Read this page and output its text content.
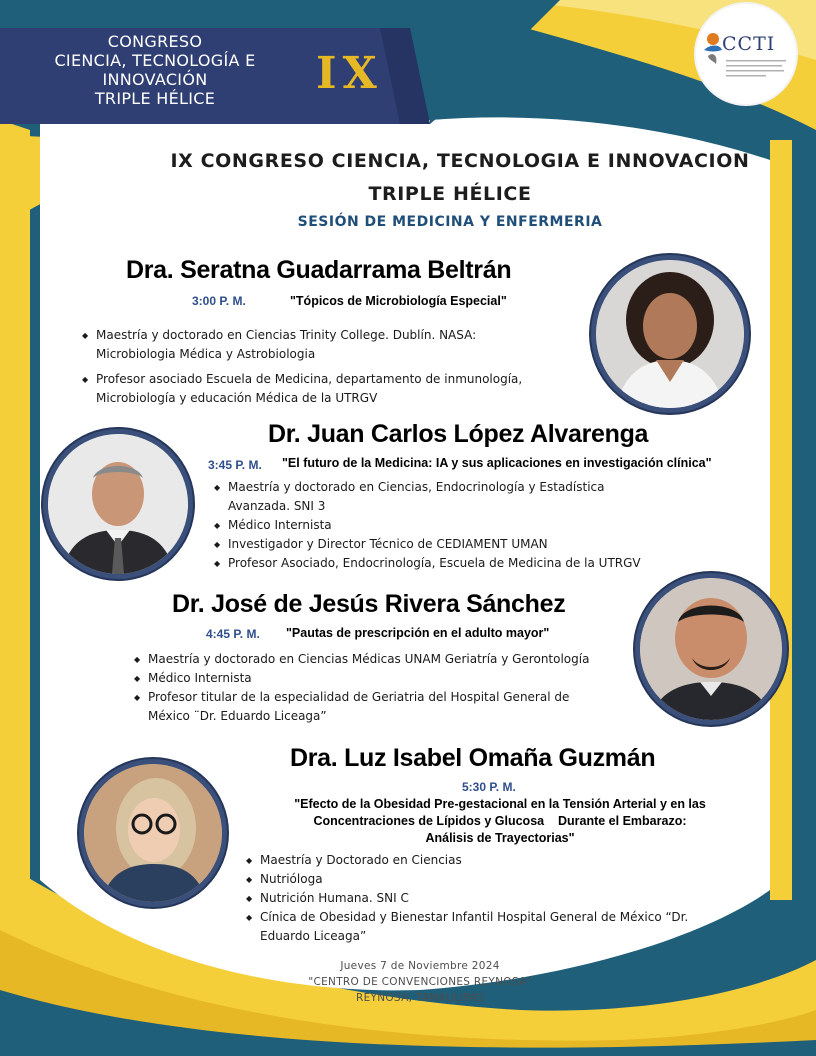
CONGRESO
CIENCIA, TECNOLOGÍA E
INNOVACIÓN
TRIPLE HÉLICE	IX
CCTI
IX CONGRESO CIENCIA, TECNOLOGIA E INNOVACION
TRIPLE HÉLICE
SESIÓN DE MEDICINA Y ENFERMERIA
Dra. Seratna Guadarrama Beltrán
3:00 P. M.	"Tópicos de Microbiología Especial"
◆ Maestría y doctorado en Ciencias Trinity College. Dublín. NASA:
Microbiologia Médica y Astrobiologia
◆ Profesor asociado Escuela de Medicina, departamento de inmunología,
Microbiología y educación Médica de la UTRGV
Dr. Juan Carlos López Alvarenga
3:45 P. M. "El futuro de la Medicina: IA y sus aplicaciones en investigación clínica"
◆ Maestría y doctorado en Ciencias, Endocrinología y Estadística
Avanzada. SNI 3
◆ Médico Internista
◆ Investigador y Director Técnico de CEDIAMENT UMAN
◆ Profesor Asociado, Endocrinología, Escuela de Medicina de la UTRGV
Dr. José de Jesús Rivera Sánchez
4:45 P. M. "Pautas de prescripción en el adulto mayor"
◆ Maestría y doctorado en Ciencias Médicas UNAM Geriatría y Gerontología
◆ Médico Internista
◆ Profesor titular de la especialidad de Geriatria del Hospital General de
México ¨Dr. Eduardo Liceaga”
Dra. Luz Isabel Omaña Guzmán
5:30 P. M.
"Efecto de la Obesidad Pre-gestacional en la Tensión Arterial y en las
Concentraciones de Lípidos y Glucosa    Durante el Embarazo:
Análisis de Trayectorias"
◆ Maestría y Doctorado en Ciencias
◆ Nutrióloga
◆ Nutrición Humana. SNI C
◆ Cínica de Obesidad y Bienestar Infantil Hospital General de México “Dr.
Eduardo Liceaga”
Jueves 7 de Noviembre 2024
"CENTRO DE CONVENCIONES REYNOSA"
REYNOSA, TAMAULIPAS
